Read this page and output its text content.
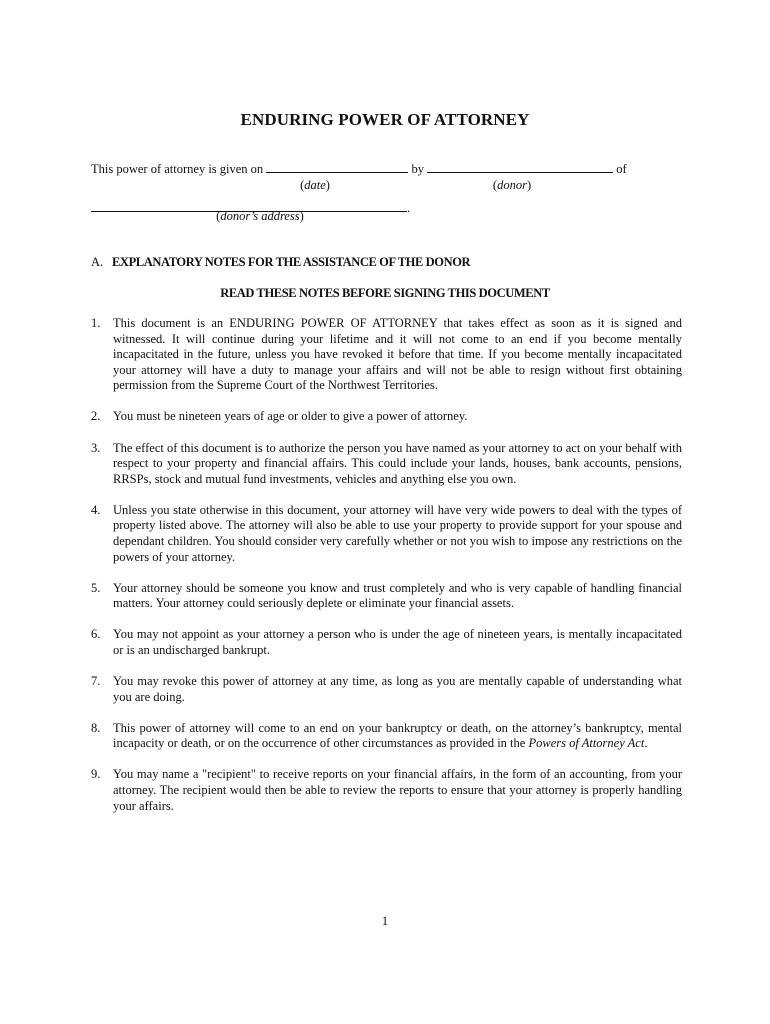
ENDURING POWER OF ATTORNEY
This power of attorney is given on	by	of
(date)	(donor)
.
(donor’s address)
A. EXPLANATORY NOTES FOR THE ASSISTANCE OF THE DONOR
READ THESE NOTES BEFORE SIGNING THIS DOCUMENT
1. This document is an ENDURING POWER OF ATTORNEY that takes effect as soon as it is signed and witnessed. It will continue during your lifetime and it will not come to an end if you become mentally incapacitated in the future, unless you have revoked it before that time. If you become mentally incapacitated your attorney will have a duty to manage your affairs and will not be able to resign without first obtaining permission from the Supreme Court of the Northwest Territories.
2. You must be nineteen years of age or older to give a power of attorney.
3. The effect of this document is to authorize the person you have named as your attorney to act on your behalf with respect to your property and financial affairs. This could include your lands, houses, bank accounts, pensions, RRSPs, stock and mutual fund investments, vehicles and anything else you own.
4. Unless you state otherwise in this document, your attorney will have very wide powers to deal with the types of property listed above. The attorney will also be able to use your property to provide support for your spouse and dependant children. You should consider very carefully whether or not you wish to impose any restrictions on the powers of your attorney.
5. Your attorney should be someone you know and trust completely and who is very capable of handling financial matters. Your attorney could seriously deplete or eliminate your financial assets.
6. You may not appoint as your attorney a person who is under the age of nineteen years, is mentally incapacitated or is an undischarged bankrupt.
7. You may revoke this power of attorney at any time, as long as you are mentally capable of understanding what you are doing.
8. This power of attorney will come to an end on your bankruptcy or death, on the attorney’s bankruptcy, mental incapacity or death, or on the occurrence of other circumstances as provided in the Powers of Attorney Act.
9. You may name a "recipient" to receive reports on your financial affairs, in the form of an accounting, from your attorney. The recipient would then be able to review the reports to ensure that your attorney is properly handling your affairs.
1
